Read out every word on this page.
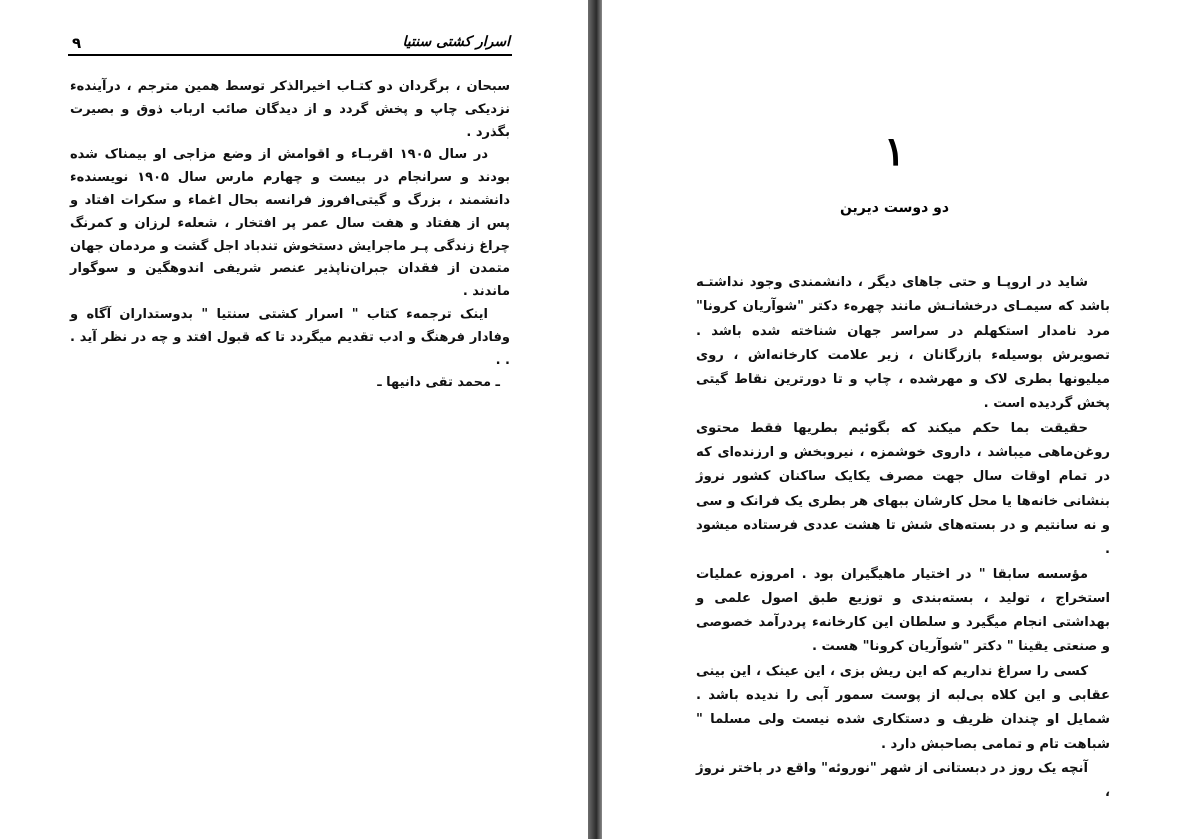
۹	اسرار کشتی سنتیا

سبحان ، برگردان دو کتـاب اخیرالذکر توسط همین مترجم ، درآینده‌ء نزدیکی چاپ و پخش گردد و از دیدگان صائب ارباب ذوق و بصیرت بگذرد .

در سال ۱۹۰۵ اقربـاء و اقوامش از وضع مزاجی او بیمناک شده بودند و سرانجام در بیست و چهارم مارس سال ۱۹۰۵ نویسنده‌ء دانشمند ، بزرگ و گیتی‌افروز فرانسه بحال اغماء و سکرات افتاد و پس از هفتاد و هفت سال عمر پر افتخار ، شعله‌ء لرزان و کمرنگ چراغ زندگی پـر ماجرایش دستخوش تندباد اجل گشت و مردمان جهان متمدن از فقدان جبران‌ناپذیر عنصر شریفی اندوهگین و سوگوار ماندند .

اینک ترجمه‌ء کتاب " اسرار کشتی سنتیا " بدوستداران آگاه و وفادار فرهنگ و ادب تقدیم میگردد تا که قبول افتد و چه در نظر آید . . .

ـ محمد تقی دانیها ـ

۱
دو دوست دیرین

شاید در اروپـا و حتی جاهای دیگر ، دانشمندی وجود نداشتـه باشد که سیمـای درخشانـش مانند چهره‌ء دکتر "شوآریان کرونا" مرد نامدار استکهلم در سراسر جهان شناخته شده باشد . تصویرش بوسیله‌ء بازرگانان ، زیر علامت کارخانه‌اش ، روی میلیونها بطری لاک و مهرشده ، چاپ و تا دورترین نقاط گیتی پخش گردیده است .

حقیقت بما حکم میکند که بگوئیم بطریها فقط محتوی روغن‌ماهی میباشد ، داروی خوشمزه ، نیروبخش و ارزنده‌ای که در تمام اوقات سال جهت مصرف یکایک ساکنان کشور نروژ بنشانی خانه‌ها یا محل کارشان ببهای هر بطری یک فرانک و سی و نه سانتیم و در بسته‌های شش تا هشت عددی فرستاده میشود .

مؤسسه سابقا " در اختیار ماهیگیران بود . امروزه عملیات استخراج ، تولید ، بسته‌بندی و توزیع طبق اصول علمی و بهداشتی انجام میگیرد و سلطان این کارخانه‌ء پردرآمد خصوصی و صنعتی یقینا " دکتر "شوآریان کرونا" هست .

کسی را سراغ نداریم که این ریش بزی ، این عینک ، این بینی عقابی و این کلاه بی‌لبه از پوست سمور آبی را ندیده باشد . شمایل او چندان ظریف و دستکاری شده نیست ولی مسلما " شباهت تام و تمامی بصاحبش دارد .

آنچه یک روز در دبستانی از شهر "نوروئه" واقع در باختر نروژ ،
